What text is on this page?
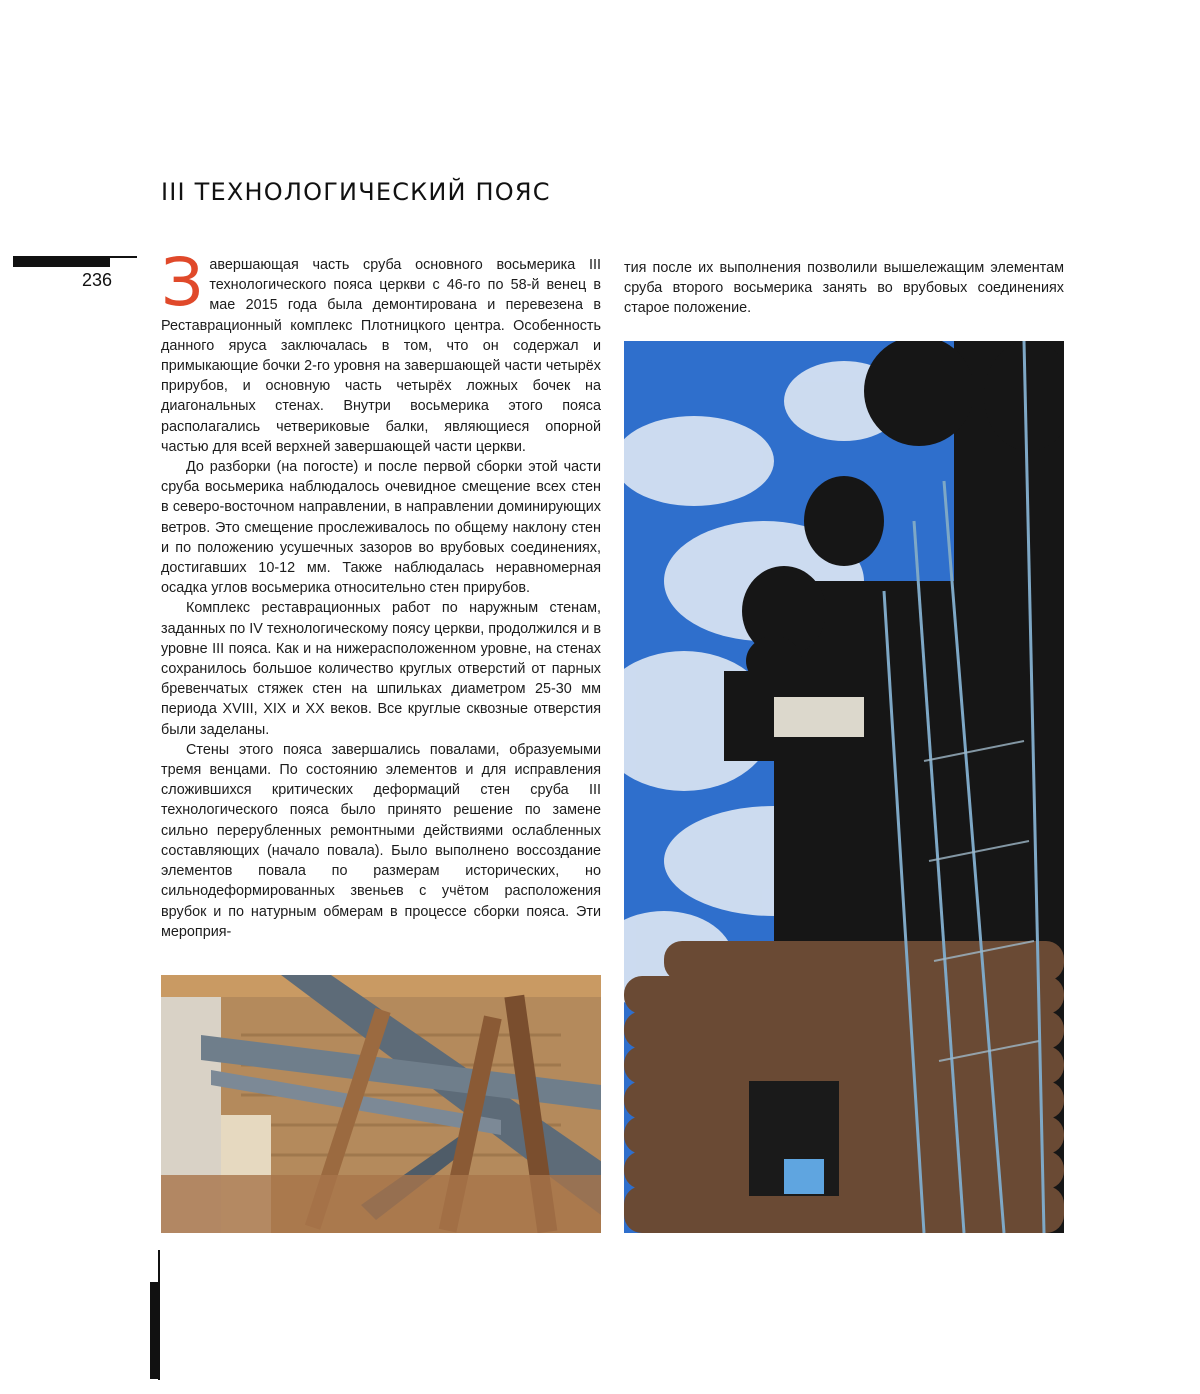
III ТЕХНОЛОГИЧЕСКИЙ ПОЯС
236 Завершающая часть сруба основного восьмерика III технологического пояса церкви с 46-го по 58-й венец в мае 2015 года была демонтирована и перевезена в Реставрационный комплекс Плотницкого центра. Особенность данного яруса заключалась в том, что он содержал и примыкающие бочки 2-го уровня на завершающей части четырёх прирубов, и основную часть четырёх ложных бочек на диагональных стенах. Внутри восьмерика этого пояса располагались четвериковые балки, являющиеся опорной частью для всей верхней завершающей части церкви.

До разборки (на погосте) и после первой сборки этой части сруба восьмерика наблюдалось очевидное смещение всех стен в северо-восточном направлении, в направлении доминирующих ветров. Это смещение прослеживалось по общему наклону стен и по положению усушечных зазоров во врубовых соединениях, достигавших 10-12 мм. Также наблюдалась неравномерная осадка углов восьмерика относительно стен прирубов.

Комплекс реставрационных работ по наружным стенам, заданных по IV технологическому поясу церкви, продолжился и в уровне III пояса. Как и на нижерасположенном уровне, на стенах сохранилось большое количество круглых отверстий от парных бревенчатых стяжек стен на шпильках диаметром 25-30 мм периода XVIII, XIX и XX веков. Все круглые сквозные отверстия были заделаны.

Стены этого пояса завершались повалами, образуемыми тремя венцами. По состоянию элементов и для исправления сложившихся критических деформаций стен сруба III технологического пояса было принято решение по замене сильно перерубленных ремонтными действиями ослабленных составляющих (начало повала). Было выполнено воссоздание элементов повала по размерам исторических, но сильнодеформированных звеньев с учётом расположения врубок и по натурным обмерам в процессе сборки пояса. Эти мероприя-

тия после их выполнения позволили вышележащим элементам сруба второго восьмерика занять во врубовых соединениях старое положение.
